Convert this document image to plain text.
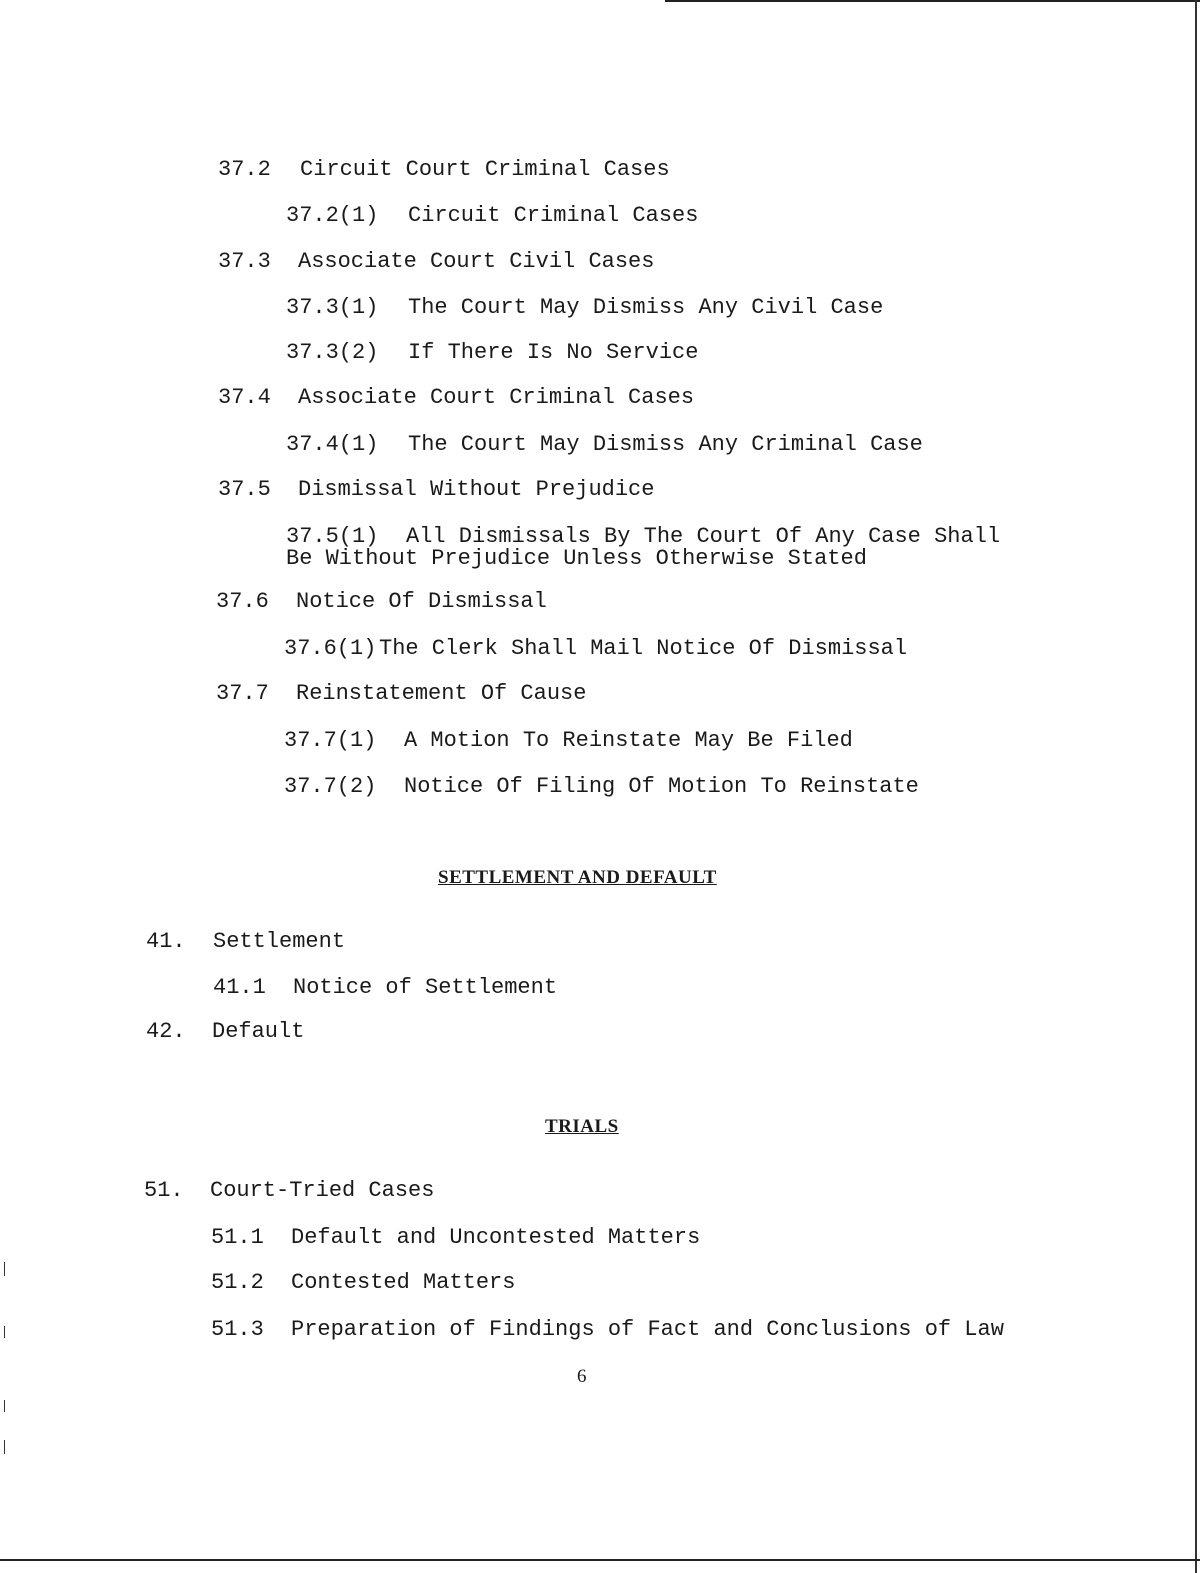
37.2 Circuit Court Criminal Cases
37.2(1) Circuit Criminal Cases
37.3 Associate Court Civil Cases
37.3(1) The Court May Dismiss Any Civil Case
37.3(2) If There Is No Service
37.4 Associate Court Criminal Cases
37.4(1) The Court May Dismiss Any Criminal Case
37.5 Dismissal Without Prejudice
37.5(1) All Dismissals By The Court Of Any Case Shall
Be Without Prejudice Unless Otherwise Stated
37.6 Notice Of Dismissal
37.6(1) The Clerk Shall Mail Notice Of Dismissal
37.7 Reinstatement Of Cause
37.7(1) A Motion To Reinstate May Be Filed
37.7(2) Notice Of Filing Of Motion To Reinstate
SETTLEMENT AND DEFAULT
41. Settlement
41.1 Notice of Settlement
42. Default
TRIALS
51. Court-Tried Cases
51.1 Default and Uncontested Matters
51.2 Contested Matters
51.3 Preparation of Findings of Fact and Conclusions of Law
6
